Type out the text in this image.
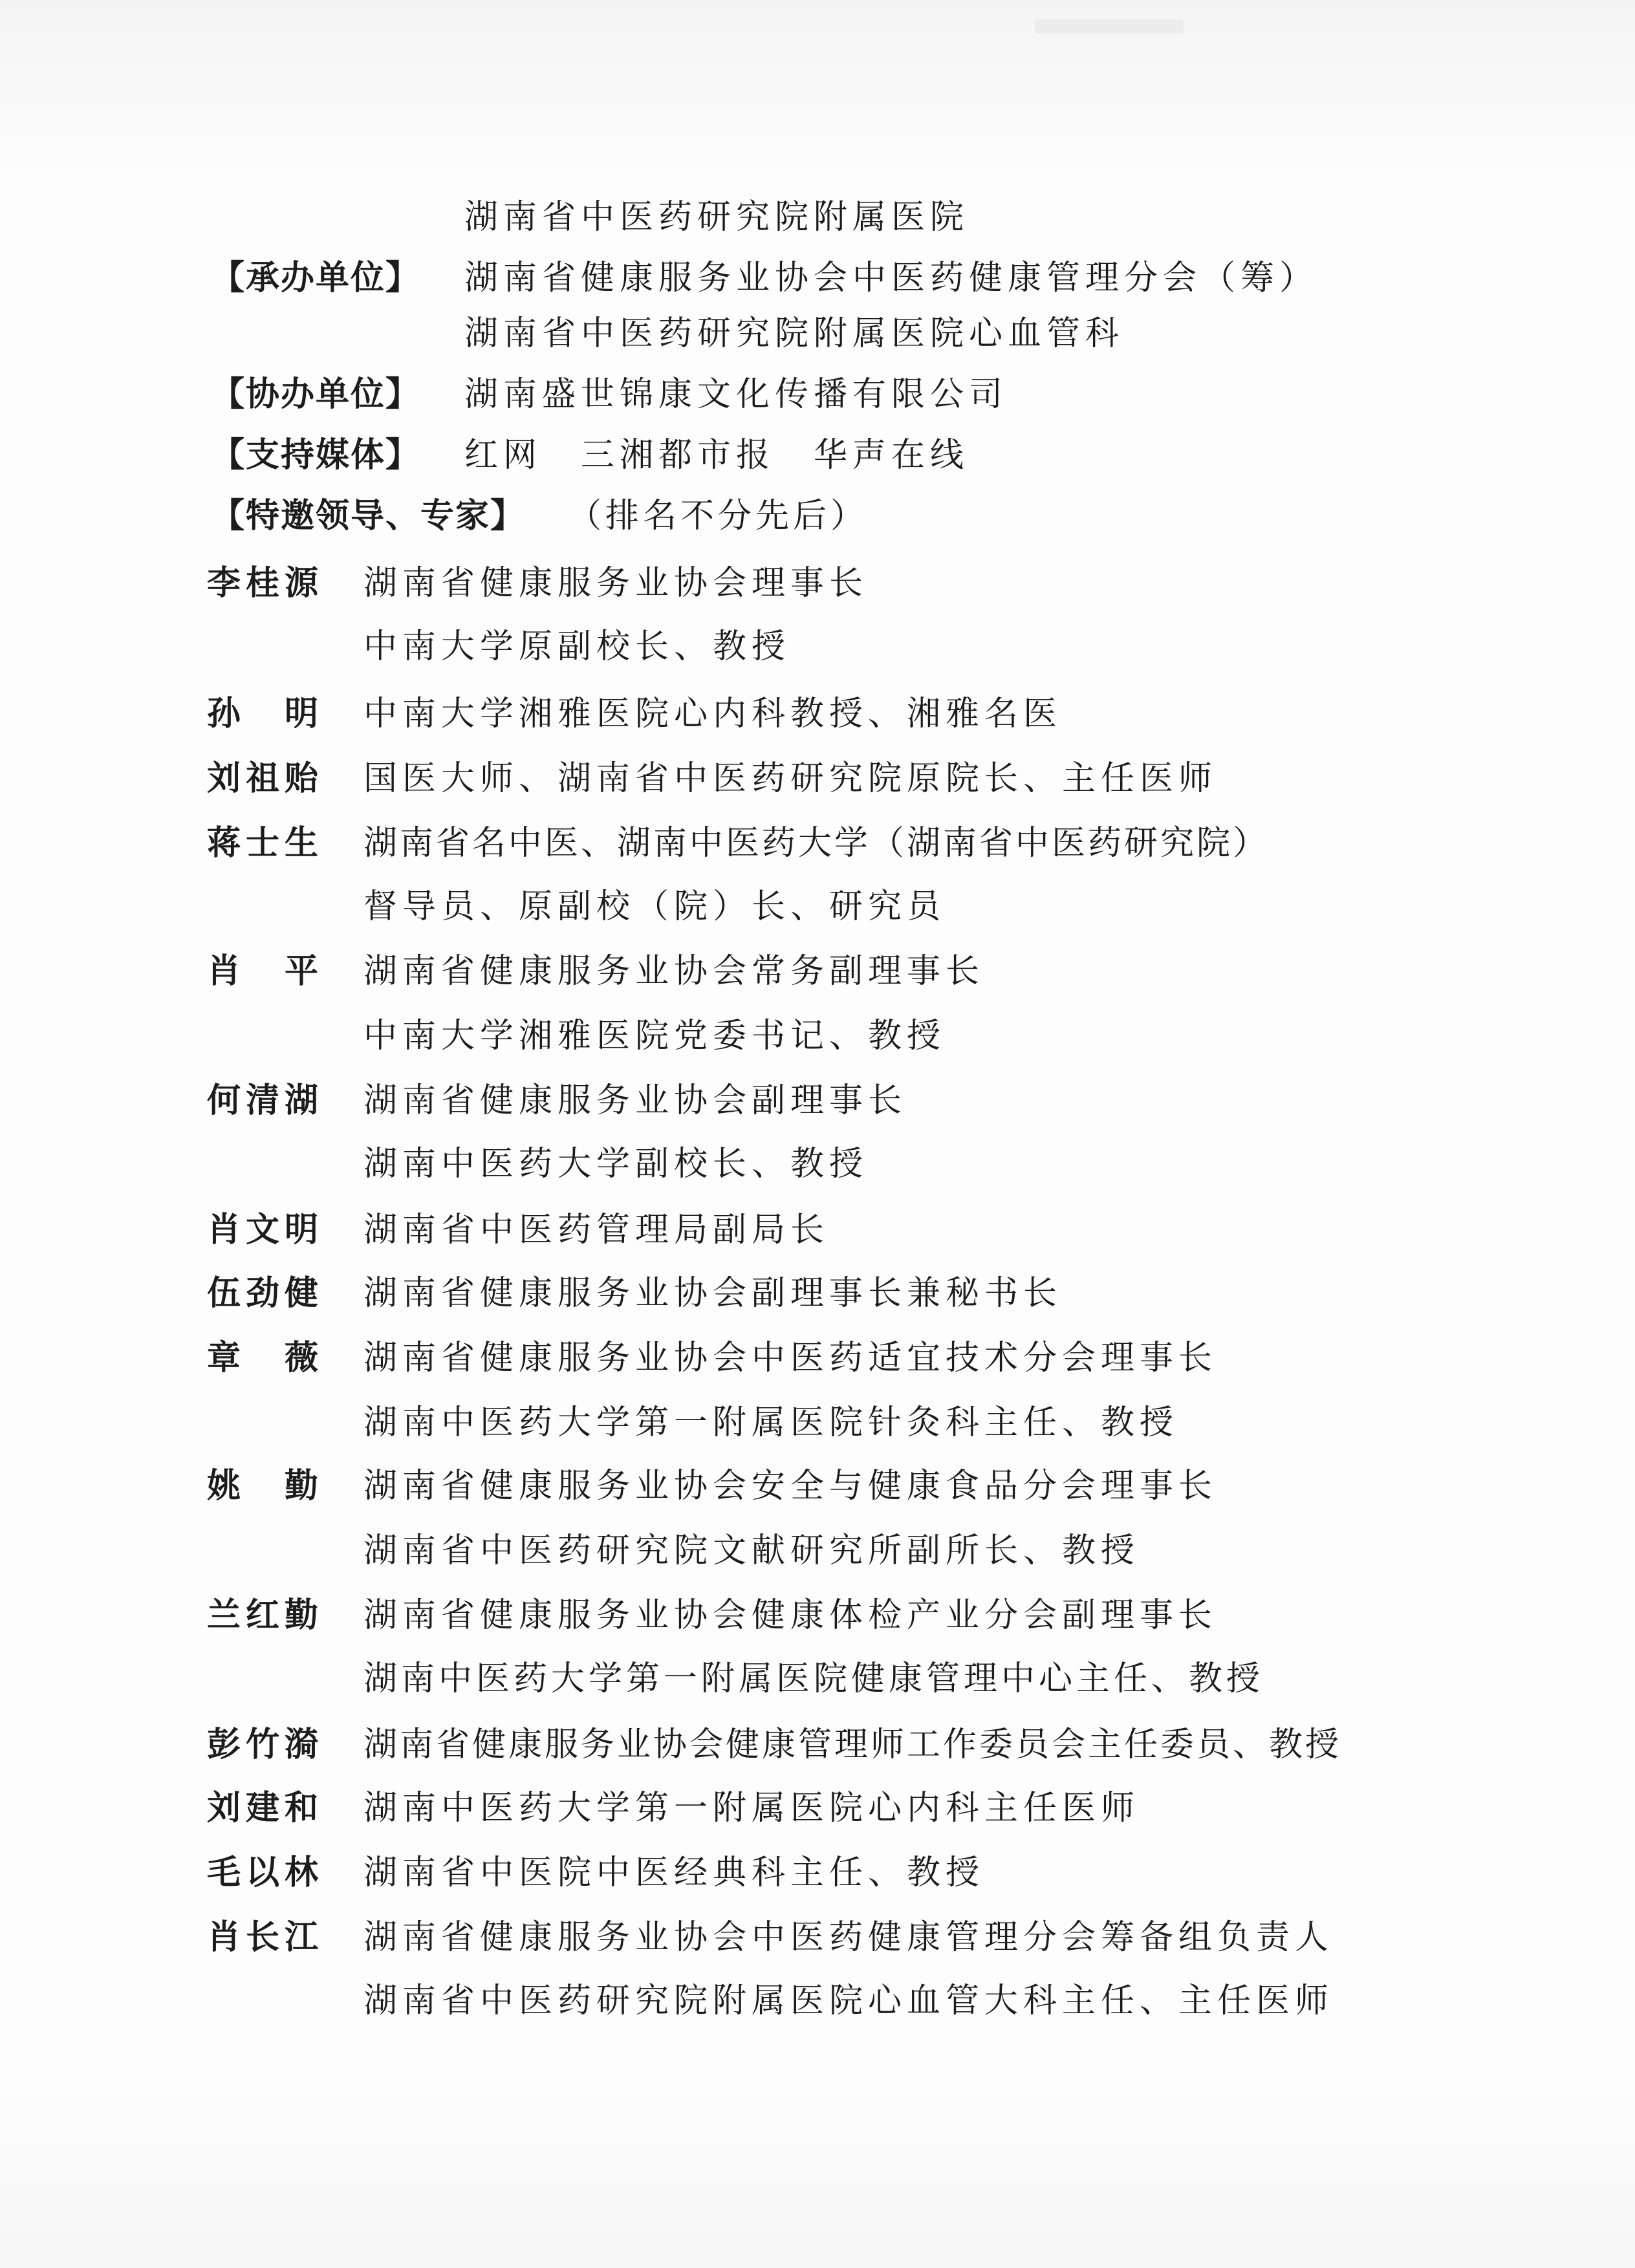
湖南省中医药研究院附属医院
【承办单位】 湖南省健康服务业协会中医药健康管理分会（筹）
湖南省中医药研究院附属医院心血管科
【协办单位】 湖南盛世锦康文化传播有限公司
【支持媒体】 红网　三湘都市报　华声在线
【特邀领导、专家】 （排名不分先后）
李桂源 湖南省健康服务业协会理事长
中南大学原副校长、教授
孙　明 中南大学湘雅医院心内科教授、湘雅名医
刘祖贻 国医大师、湖南省中医药研究院原院长、主任医师
蒋士生 湖南省名中医、湖南中医药大学（湖南省中医药研究院）
督导员、原副校（院）长、研究员
肖　平 湖南省健康服务业协会常务副理事长
中南大学湘雅医院党委书记、教授
何清湖 湖南省健康服务业协会副理事长
湖南中医药大学副校长、教授
肖文明 湖南省中医药管理局副局长
伍劲健 湖南省健康服务业协会副理事长兼秘书长
章　薇 湖南省健康服务业协会中医药适宜技术分会理事长
湖南中医药大学第一附属医院针灸科主任、教授
姚　勤 湖南省健康服务业协会安全与健康食品分会理事长
湖南省中医药研究院文献研究所副所长、教授
兰红勤 湖南省健康服务业协会健康体检产业分会副理事长
湖南中医药大学第一附属医院健康管理中心主任、教授
彭竹漪 湖南省健康服务业协会健康管理师工作委员会主任委员、教授
刘建和 湖南中医药大学第一附属医院心内科主任医师
毛以林 湖南省中医院中医经典科主任、教授
肖长江 湖南省健康服务业协会中医药健康管理分会筹备组负责人
湖南省中医药研究院附属医院心血管大科主任、主任医师
